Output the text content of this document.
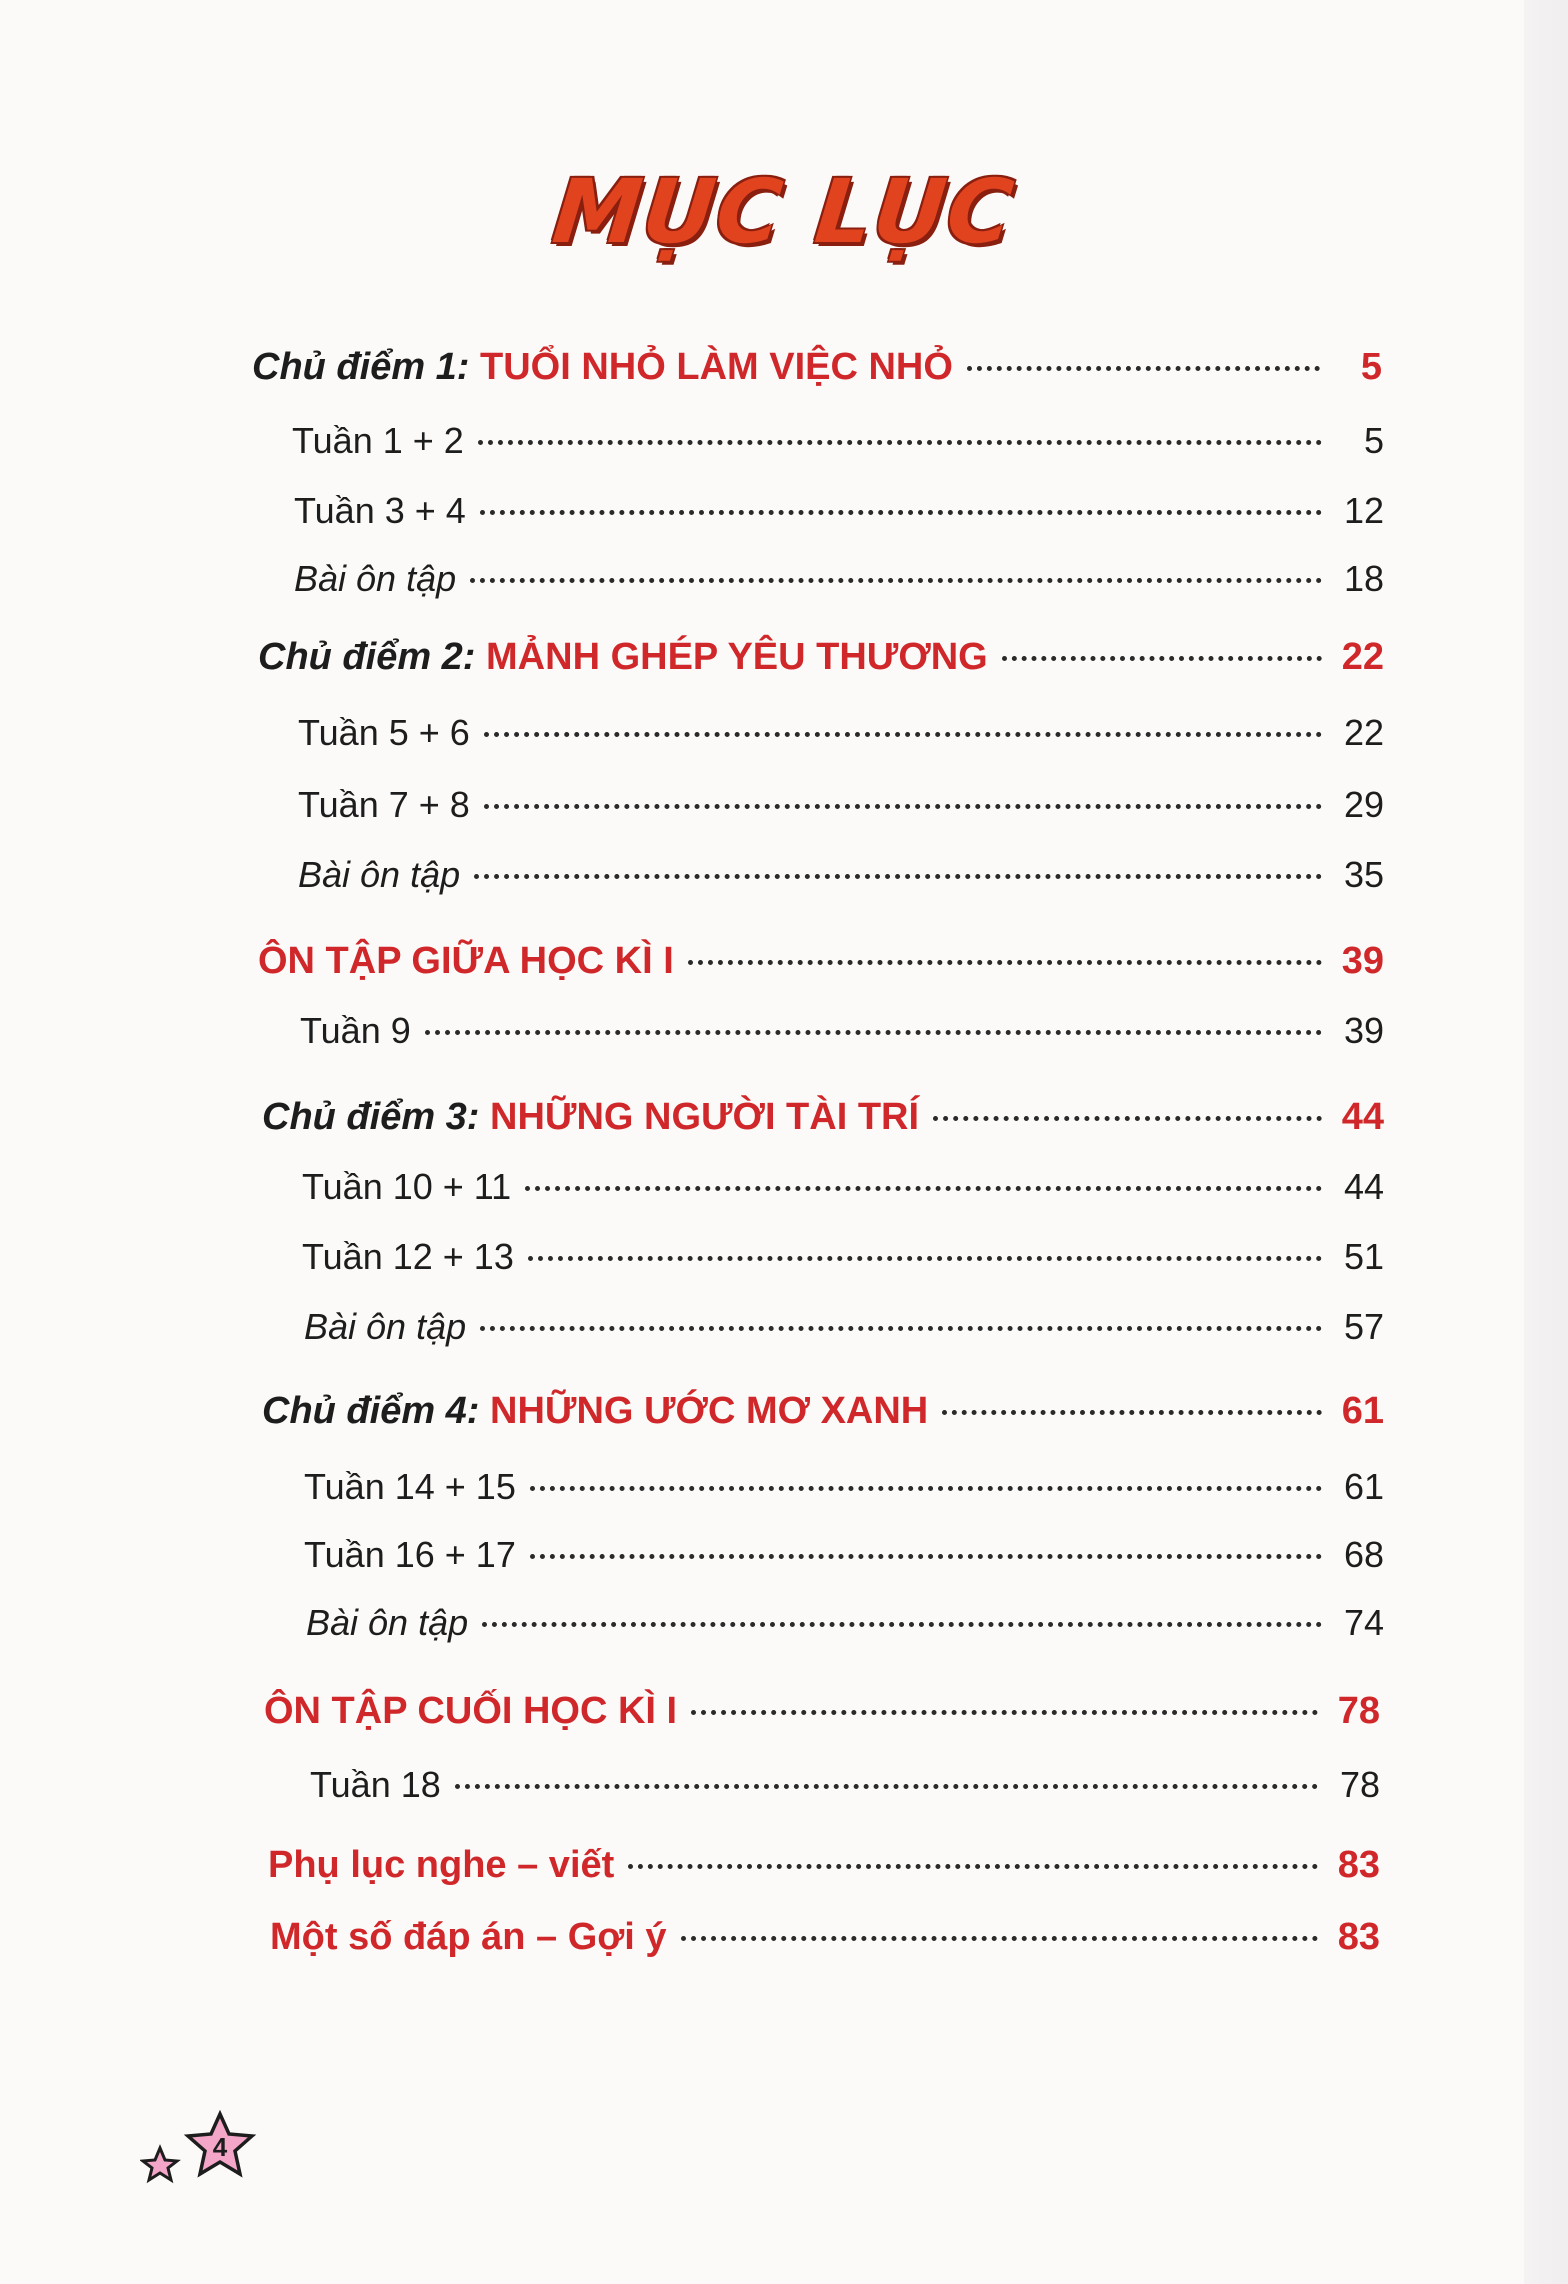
MỤC LỤC
Chủ điểm 1: TUỔI NHỎ LÀM VIỆC NHỎ	5
Tuần 1 + 2	5
Tuần 3 + 4	12
Bài ôn tập	18
Chủ điểm 2: MẢNH GHÉP YÊU THƯƠNG	22
Tuần 5 + 6	22
Tuần 7 + 8	29
Bài ôn tập	35
ÔN TẬP GIỮA HỌC KÌ I	39
Tuần 9	39
Chủ điểm 3: NHỮNG NGƯỜI TÀI TRÍ	44
Tuần 10 + 11	44
Tuần 12 + 13	51
Bài ôn tập	57
Chủ điểm 4: NHỮNG ƯỚC MƠ XANH	61
Tuần 14 + 15	61
Tuần 16 + 17	68
Bài ôn tập	74
ÔN TẬP CUỐI HỌC KÌ I	78
Tuần 18	78
Phụ lục nghe – viết	83
Một số đáp án – Gợi ý	83
4
